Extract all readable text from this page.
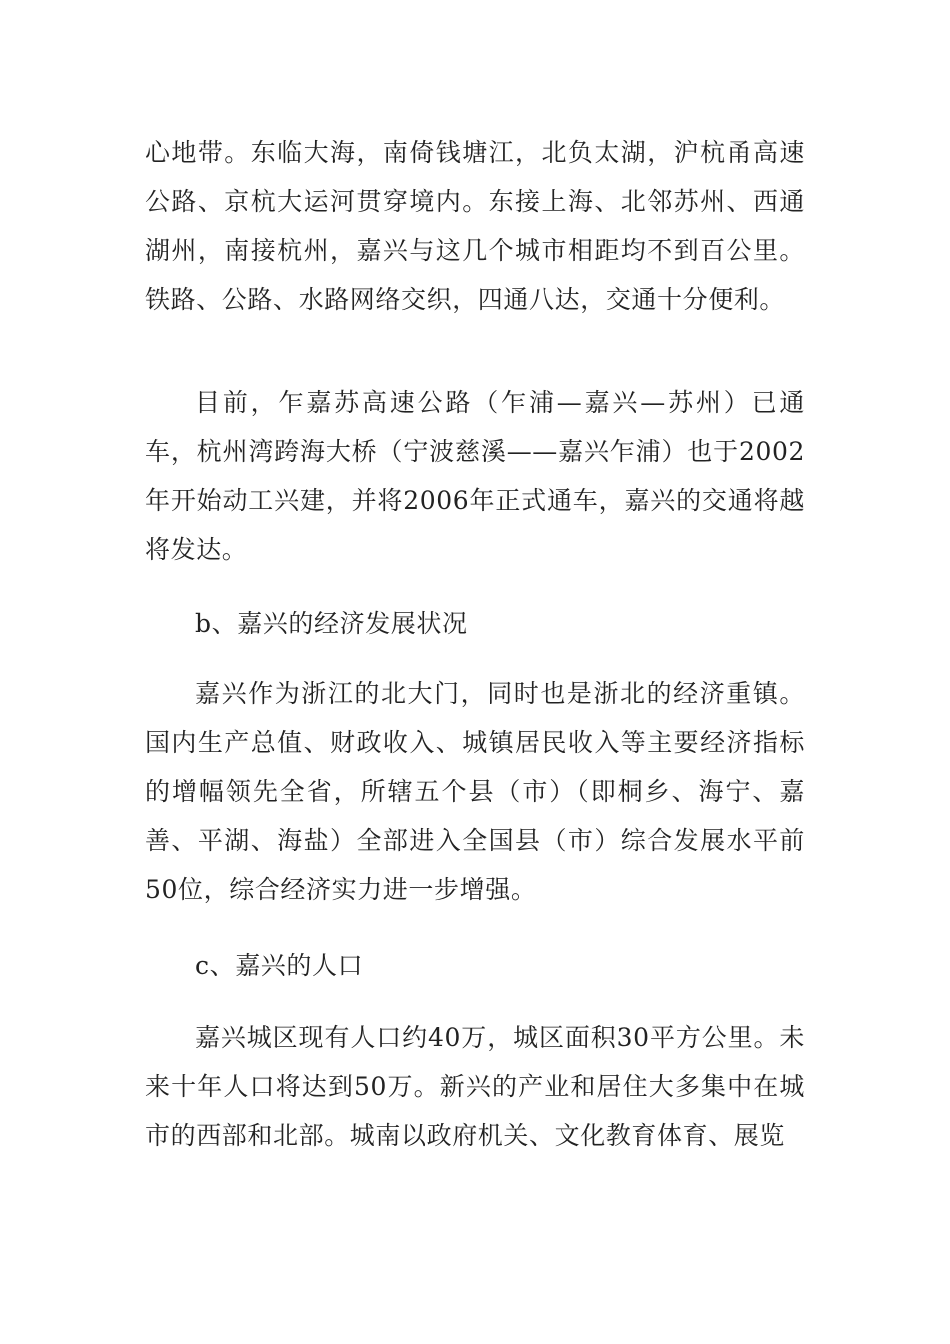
心地带。东临大海，南倚钱塘江，北负太湖，沪杭甬高速公路、京杭大运河贯穿境内。东接上海、北邻苏州、西通湖州，南接杭州，嘉兴与这几个城市相距均不到百公里。铁路、公路、水路网络交织，四通八达，交通十分便利。

目前，乍嘉苏高速公路（乍浦—嘉兴—苏州）已通车，杭州湾跨海大桥（宁波慈溪——嘉兴乍浦）也于2002年开始动工兴建，并将2006年正式通车，嘉兴的交通将越将发达。

b、嘉兴的经济发展状况

嘉兴作为浙江的北大门，同时也是浙北的经济重镇。国内生产总值、财政收入、城镇居民收入等主要经济指标的增幅领先全省，所辖五个县（市）（即桐乡、海宁、嘉善、平湖、海盐）全部进入全国县（市）综合发展水平前50位，综合经济实力进一步增强。

c、嘉兴的人口

嘉兴城区现有人口约40万，城区面积30平方公里。未来十年人口将达到50万。新兴的产业和居住大多集中在城市的西部和北部。城南以政府机关、文化教育体育、展览
